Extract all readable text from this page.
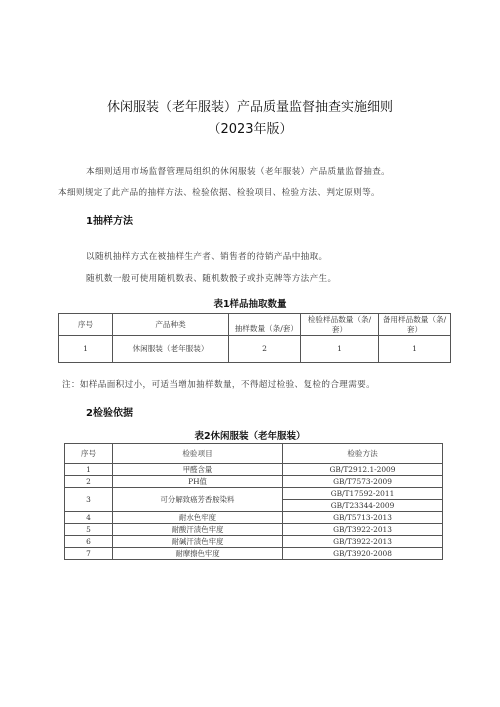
休闲服装（老年服装）产品质量监督抽查实施细则
（2023年版）
本细则适用市场监督管理局组织的休闲服装（老年服装）产品质量监督抽查。
本细则规定了此产品的抽样方法、检验依据、检验项目、检验方法、判定原则等。
1抽样方法
以随机抽样方式在被抽样生产者、销售者的待销产品中抽取。
随机数一般可使用随机数表、随机数骰子或扑克牌等方法产生。
表1样品抽取数量
序号	产品种类	抽样数量（条/套）	检验样品数量（条/套）	备用样品数量（条/套）

1	休闲服装（老年服装）	2	1	1
注：如样品面积过小，可适当增加抽样数量，不得超过检验、复检的合理需要。
2检验依据
表2休闲服装（老年服装）
序号	检验项目	检验方法
1	甲醛含量	GB/T2912.1-2009
2	PH值	GB/T7573-2009
3	可分解致癌芳香胺染料	GB/T17592-2011
		GB/T23344-2009
4	耐水色牢度	GB/T5713-2013
5	耐酸汗渍色牢度	GB/T3922-2013
6	耐碱汗渍色牢度	GB/T3922-2013
7	耐摩擦色牢度	GB/T3920-2008
